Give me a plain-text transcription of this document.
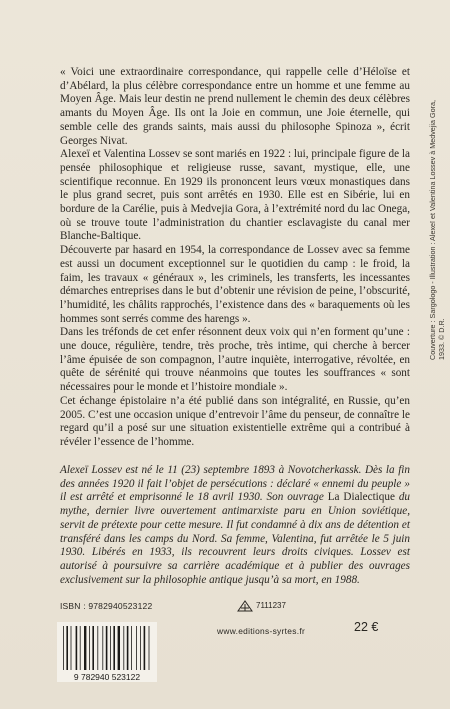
« Voici une extraordinaire correspondance, qui rappelle celle d’Héloïse et d’Abélard, la plus célèbre correspondance entre un homme et une femme au Moyen Âge. Mais leur destin ne prend nullement le chemin des deux célèbres amants du Moyen Âge. Ils ont la Joie en commun, une Joie éternelle, qui semble celle des grands saints, mais aussi du philosophe Spinoza », écrit Georges Nivat.

Alexeï et Valentina Lossev se sont mariés en 1922 : lui, principale figure de la pensée philosophique et religieuse russe, savant, mystique, elle, une scientifique reconnue. En 1929 ils prononcent leurs vœux monastiques dans le plus grand secret, puis sont arrêtés en 1930. Elle est en Sibérie, lui en bordure de la Carélie, puis à Medvejia Gora, à l’extrémité nord du lac Onega, où se trouve toute l’administration du chantier esclavagiste du canal mer Blanche-Baltique.

Découverte par hasard en 1954, la correspondance de Lossev avec sa femme est aussi un document exceptionnel sur le quotidien du camp : le froid, la faim, les travaux « généraux », les criminels, les transferts, les incessantes démarches entreprises dans le but d’obtenir une révision de peine, l’obscurité, l’humidité, les châlits rapprochés, l’existence dans des « baraquements où les hommes sont serrés comme des harengs ».

Dans les tréfonds de cet enfer résonnent deux voix qui n’en forment qu’une : une douce, régulière, tendre, très proche, très intime, qui cherche à bercer l’âme épuisée de son compagnon, l’autre inquiète, interrogative, révoltée, en quête de sérénité qui trouve néanmoins que toutes les souffrances « sont nécessaires pour le monde et l’histoire mondiale ».

Cet échange épistolaire n’a été publié dans son intégralité, en Russie, qu’en 2005. C’est une occasion unique d’entrevoir l’âme du penseur, de connaître le regard qu’il a posé sur une situation existentielle extrême qui a contribué à révéler l’essence de l’homme.

Alexeï Lossev est né le 11 (23) septembre 1893 à Novotcherkassk. Dès la fin des années 1920 il fait l’objet de persécutions : déclaré « ennemi du peuple » il est arrêté et emprisonné le 18 avril 1930. Son ouvrage La Dialectique du mythe, dernier livre ouvertement antimarxiste paru en Union soviétique, servit de prétexte pour cette mesure. Il fut condamné à dix ans de détention et transféré dans les camps du Nord. Sa femme, Valentina, fut arrêtée le 5 juin 1930. Libérés en 1933, ils recouvrent leurs droits civiques. Lossev est autorisé à poursuivre sa carrière académique et à publier des ouvrages exclusivement sur la philosophie antique jusqu’à sa mort, en 1988.

ISBN : 9782940523122
9 782940 523122
7111237
www.editions-syrtes.fr	22 €
Couverture : Sargologo - Illustration : Alexeï et Valentina Lossev à Medvejia Gora, 1933. © D.R.
